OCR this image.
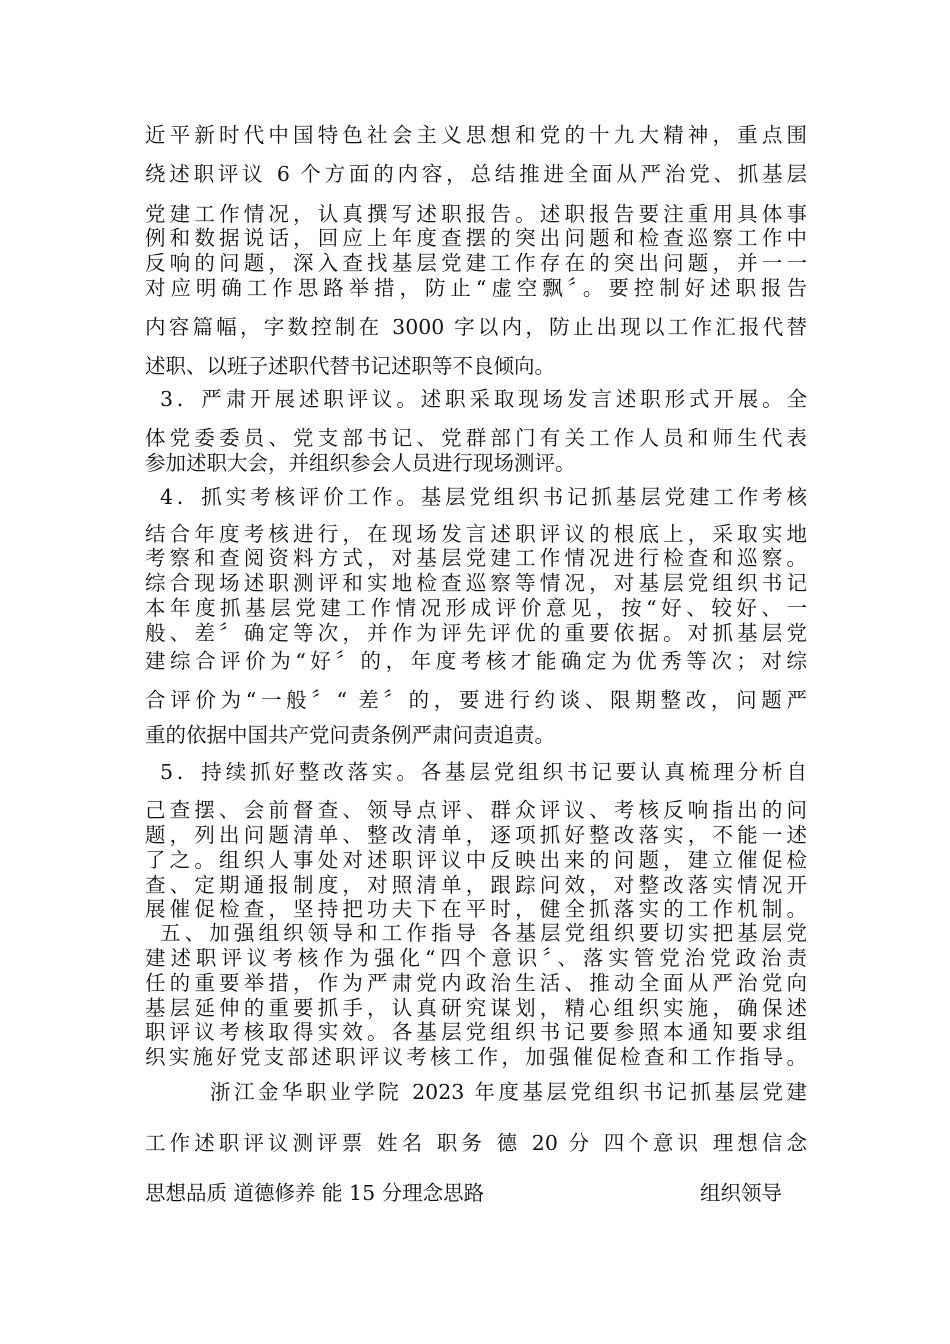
近平新时代中国特色社会主义思想和党的十九大精神，重点围
绕述职评议 6 个方面的内容，总结推进全面从严治党、抓基层
党建工作情况，认真撰写述职报告。述职报告要注重用具体事
例和数据说话，回应上年度查摆的突出问题和检查巡察工作中
反响的问题，深入查找基层党建工作存在的突出问题，并一一
对应明确工作思路举措，防止“虚空飘〞。要控制好述职报告
内容篇幅，字数控制在 3000 字以内，防止出现以工作汇报代替
述职、以班子述职代替书记述职等不良倾向。
3．严肃开展述职评议。述职采取现场发言述职形式开展。全
体党委委员、党支部书记、党群部门有关工作人员和师生代表
参加述职大会，并组织参会人员进行现场测评。
4．抓实考核评价工作。基层党组织书记抓基层党建工作考核
结合年度考核进行，在现场发言述职评议的根底上，采取实地
考察和查阅资料方式，对基层党建工作情况进行检查和巡察。
综合现场述职测评和实地检查巡察等情况，对基层党组织书记
本年度抓基层党建工作情况形成评价意见，按“好、较好、一
般、差〞确定等次，并作为评先评优的重要依据。对抓基层党
建综合评价为“好〞的，年度考核才能确定为优秀等次；对综
合评价为“一般〞“ 差〞的，要进行约谈、限期整改，问题严
重的依据中国共产党问责条例严肃问责追责。
5．持续抓好整改落实。各基层党组织书记要认真梳理分析自
己查摆、会前督查、领导点评、群众评议、考核反响指出的问
题，列出问题清单、整改清单，逐项抓好整改落实，不能一述
了之。组织人事处对述职评议中反映出来的问题，建立催促检
查、定期通报制度，对照清单，跟踪问效，对整改落实情况开
展催促检查，坚持把功夫下在平时，健全抓落实的工作机制。
五、加强组织领导和工作指导 各基层党组织要切实把基层党
建述职评议考核作为强化“四个意识〞、落实管党治党政治责
任的重要举措，作为严肃党内政治生活、推动全面从严治党向
基层延伸的重要抓手，认真研究谋划，精心组织实施，确保述
职评议考核取得实效。各基层党组织书记要参照本通知要求组
织实施好党支部述职评议考核工作，加强催促检查和工作指导。
浙江金华职业学院 2023 年度基层党组织书记抓基层党建
工作述职评议测评票 姓名 职务 德 20 分 四个意识 理想信念
思想品质 道德修养 能 15 分理念思路	组织领导
